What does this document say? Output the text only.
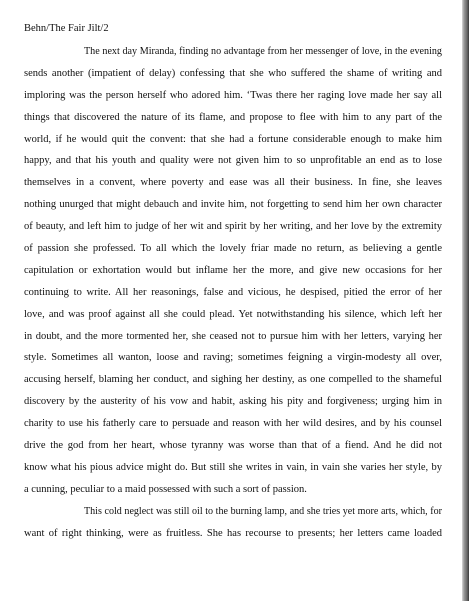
Behn/The Fair Jilt/2
The next day Miranda, finding no advantage from her messenger of love, in the evening
sends another (impatient of delay) confessing that she who suffered the shame of writing and
imploring was the person herself who adored him. ‘Twas there her raging love made her say all
things that discovered the nature of its flame, and propose to flee with him to any part of the
world, if he would quit the convent: that she had a fortune considerable enough to make him
happy, and that his youth and quality were not given him to so unprofitable an end as to lose
themselves in a convent, where poverty and ease was all their business. In fine, she leaves
nothing unurged that might debauch and invite him, not forgetting to send him her own character
of beauty, and left him to judge of her wit and spirit by her writing, and her love by the extremity
of passion she professed. To all which the lovely friar made no return, as believing a gentle
capitulation or exhortation would but inflame her the more, and give new occasions for her
continuing to write. All her reasonings, false and vicious, he despised, pitied the error of her
love, and was proof against all she could plead. Yet notwithstanding his silence, which left her
in doubt, and the more tormented her, she ceased not to pursue him with her letters, varying her
style. Sometimes all wanton, loose and raving; sometimes feigning a virgin-modesty all over,
accusing herself, blaming her conduct, and sighing her destiny, as one compelled to the shameful
discovery by the austerity of his vow and habit, asking his pity and forgiveness; urging him in
charity to use his fatherly care to persuade and reason with her wild desires, and by his counsel
drive the god from her heart, whose tyranny was worse than that of a fiend. And he did not
know what his pious advice might do. But still she writes in vain, in vain she varies her style, by
a cunning, peculiar to a maid possessed with such a sort of passion.
This cold neglect was still oil to the burning lamp, and she tries yet more arts, which, for
want of right thinking, were as fruitless. She has recourse to presents; her letters came loaded
